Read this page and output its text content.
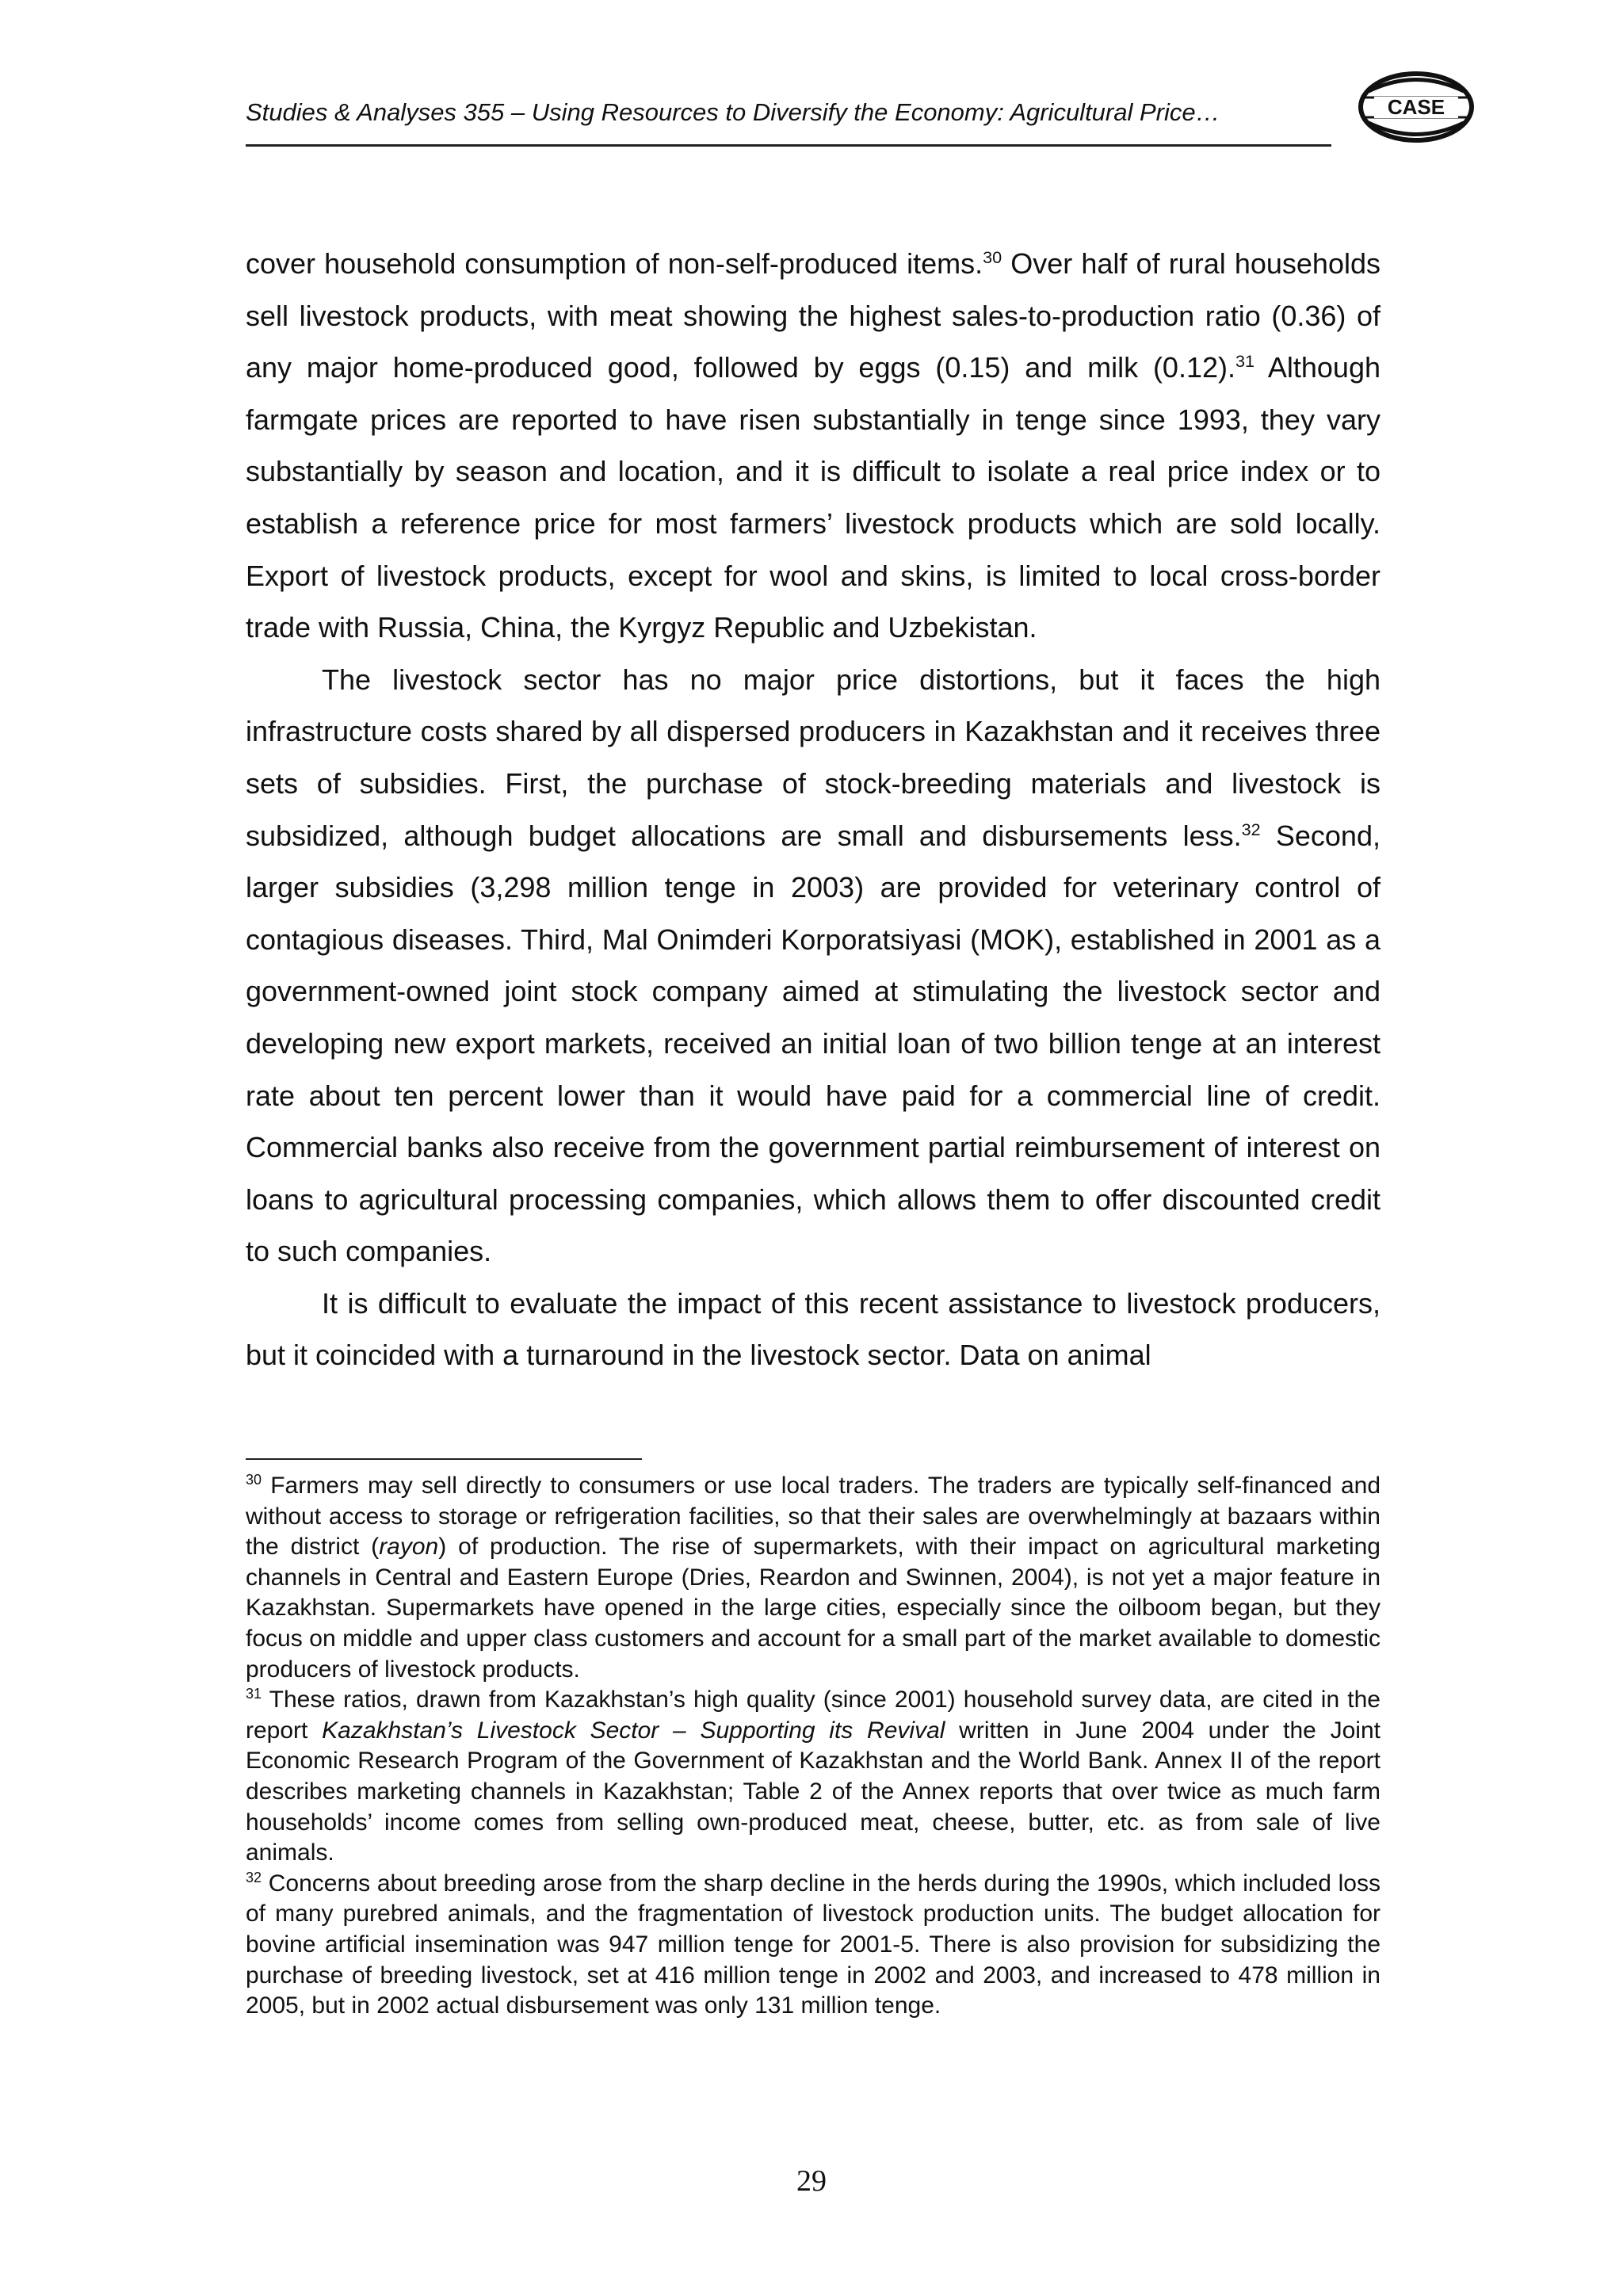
Studies & Analyses 355 – Using Resources to Diversify the Economy: Agricultural Price…	CASE

cover household consumption of non-self-produced items.$^{30}$ Over half of rural households sell livestock products, with meat showing the highest sales-to-production ratio (0.36) of any major home-produced good, followed by eggs (0.15) and milk (0.12).$^{31}$ Although farmgate prices are reported to have risen substantially in tenge since 1993, they vary substantially by season and location, and it is difficult to isolate a real price index or to establish a reference price for most farmers’ livestock products which are sold locally. Export of livestock products, except for wool and skins, is limited to local cross-border trade with Russia, China, the Kyrgyz Republic and Uzbekistan.

The livestock sector has no major price distortions, but it faces the high infrastructure costs shared by all dispersed producers in Kazakhstan and it receives three sets of subsidies. First, the purchase of stock-breeding materials and livestock is subsidized, although budget allocations are small and disbursements less.$^{32}$ Second, larger subsidies (3,298 million tenge in 2003) are provided for veterinary control of contagious diseases. Third, Mal Onimderi Korporatsiyasi (MOK), established in 2001 as a government-owned joint stock company aimed at stimulating the livestock sector and developing new export markets, received an initial loan of two billion tenge at an interest rate about ten percent lower than it would have paid for a commercial line of credit. Commercial banks also receive from the government partial reimbursement of interest on loans to agricultural processing companies, which allows them to offer discounted credit to such companies.

It is difficult to evaluate the impact of this recent assistance to livestock producers, but it coincided with a turnaround in the livestock sector. Data on animal

$^{30}$ Farmers may sell directly to consumers or use local traders. The traders are typically self-financed and without access to storage or refrigeration facilities, so that their sales are overwhelmingly at bazaars within the district (rayon) of production. The rise of supermarkets, with their impact on agricultural marketing channels in Central and Eastern Europe (Dries, Reardon and Swinnen, 2004), is not yet a major feature in Kazakhstan. Supermarkets have opened in the large cities, especially since the oilboom began, but they focus on middle and upper class customers and account for a small part of the market available to domestic producers of livestock products.

$^{31}$ These ratios, drawn from Kazakhstan’s high quality (since 2001) household survey data, are cited in the report Kazakhstan’s Livestock Sector – Supporting its Revival written in June 2004 under the Joint Economic Research Program of the Government of Kazakhstan and the World Bank. Annex II of the report describes marketing channels in Kazakhstan; Table 2 of the Annex reports that over twice as much farm households’ income comes from selling own-produced meat, cheese, butter, etc. as from sale of live animals.

$^{32}$ Concerns about breeding arose from the sharp decline in the herds during the 1990s, which included loss of many purebred animals, and the fragmentation of livestock production units. The budget allocation for bovine artificial insemination was 947 million tenge for 2001-5. There is also provision for subsidizing the purchase of breeding livestock, set at 416 million tenge in 2002 and 2003, and increased to 478 million in 2005, but in 2002 actual disbursement was only 131 million tenge.

29
